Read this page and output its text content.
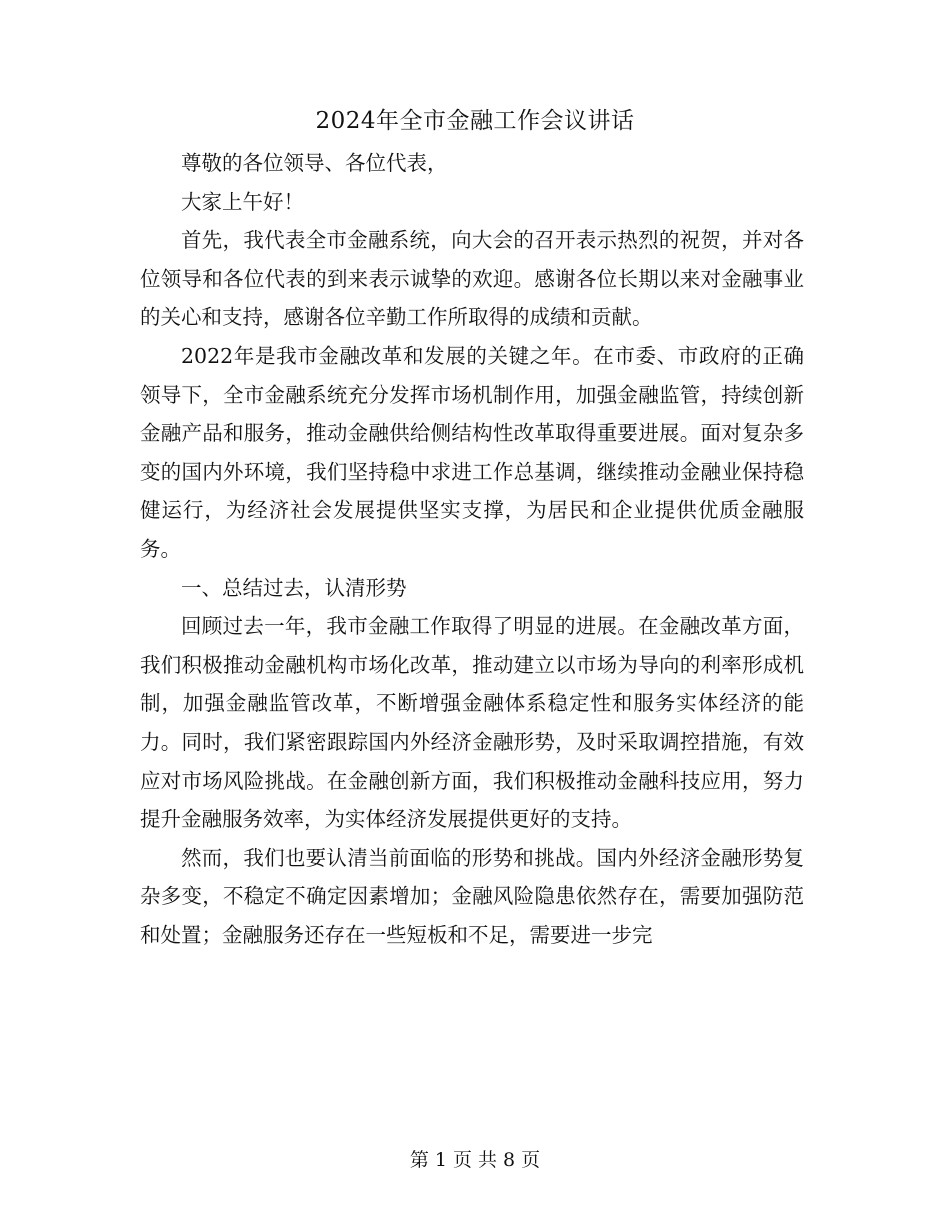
2024年全市金融工作会议讲话

尊敬的各位领导、各位代表，

大家上午好！

首先，我代表全市金融系统，向大会的召开表示热烈的祝贺，并对各位领导和各位代表的到来表示诚挚的欢迎。感谢各位长期以来对金融事业的关心和支持，感谢各位辛勤工作所取得的成绩和贡献。

2022年是我市金融改革和发展的关键之年。在市委、市政府的正确领导下，全市金融系统充分发挥市场机制作用，加强金融监管，持续创新金融产品和服务，推动金融供给侧结构性改革取得重要进展。面对复杂多变的国内外环境，我们坚持稳中求进工作总基调，继续推动金融业保持稳健运行，为经济社会发展提供坚实支撑，为居民和企业提供优质金融服务。

一、总结过去，认清形势

回顾过去一年，我市金融工作取得了明显的进展。在金融改革方面，我们积极推动金融机构市场化改革，推动建立以市场为导向的利率形成机制，加强金融监管改革，不断增强金融体系稳定性和服务实体经济的能力。同时，我们紧密跟踪国内外经济金融形势，及时采取调控措施，有效应对市场风险挑战。在金融创新方面，我们积极推动金融科技应用，努力提升金融服务效率，为实体经济发展提供更好的支持。

然而，我们也要认清当前面临的形势和挑战。国内外经济金融形势复杂多变，不稳定不确定因素增加；金融风险隐患依然存在，需要加强防范和处置；金融服务还存在一些短板和不足，需要进一步完

第 1 页 共 8 页
